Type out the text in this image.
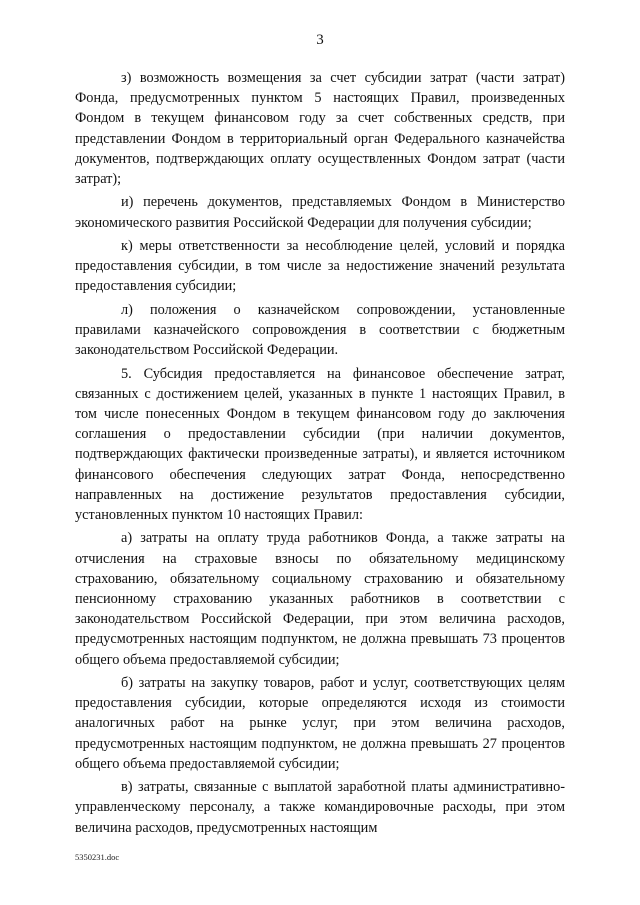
3

з) возможность возмещения за счет субсидии затрат (части затрат) Фонда, предусмотренных пунктом 5 настоящих Правил, произведенных Фондом в текущем финансовом году за счет собственных средств, при представлении Фондом в территориальный орган Федерального казначейства документов, подтверждающих оплату осуществленных Фондом затрат (части затрат);

и) перечень документов, представляемых Фондом в Министерство экономического развития Российской Федерации для получения субсидии;

к) меры ответственности за несоблюдение целей, условий и порядка предоставления субсидии, в том числе за недостижение значений результата предоставления субсидии;

л) положения о казначейском сопровождении, установленные правилами казначейского сопровождения в соответствии с бюджетным законодательством Российской Федерации.

5. Субсидия предоставляется на финансовое обеспечение затрат, связанных с достижением целей, указанных в пункте 1 настоящих Правил, в том числе понесенных Фондом в текущем финансовом году до заключения соглашения о предоставлении субсидии (при наличии документов, подтверждающих фактически произведенные затраты), и является источником финансового обеспечения следующих затрат Фонда, непосредственно направленных на достижение результатов предоставления субсидии, установленных пунктом 10 настоящих Правил:

а) затраты на оплату труда работников Фонда, а также затраты на отчисления на страховые взносы по обязательному медицинскому страхованию, обязательному социальному страхованию и обязательному пенсионному страхованию указанных работников в соответствии с законодательством Российской Федерации, при этом величина расходов, предусмотренных настоящим подпунктом, не должна превышать 73 процентов общего объема предоставляемой субсидии;

б) затраты на закупку товаров, работ и услуг, соответствующих целям предоставления субсидии, которые определяются исходя из стоимости аналогичных работ на рынке услуг, при этом величина расходов, предусмотренных настоящим подпунктом, не должна превышать 27 процентов общего объема предоставляемой субсидии;

в) затраты, связанные с выплатой заработной платы административно-управленческому персоналу, а также командировочные расходы, при этом величина расходов, предусмотренных настоящим

5350231.doc
